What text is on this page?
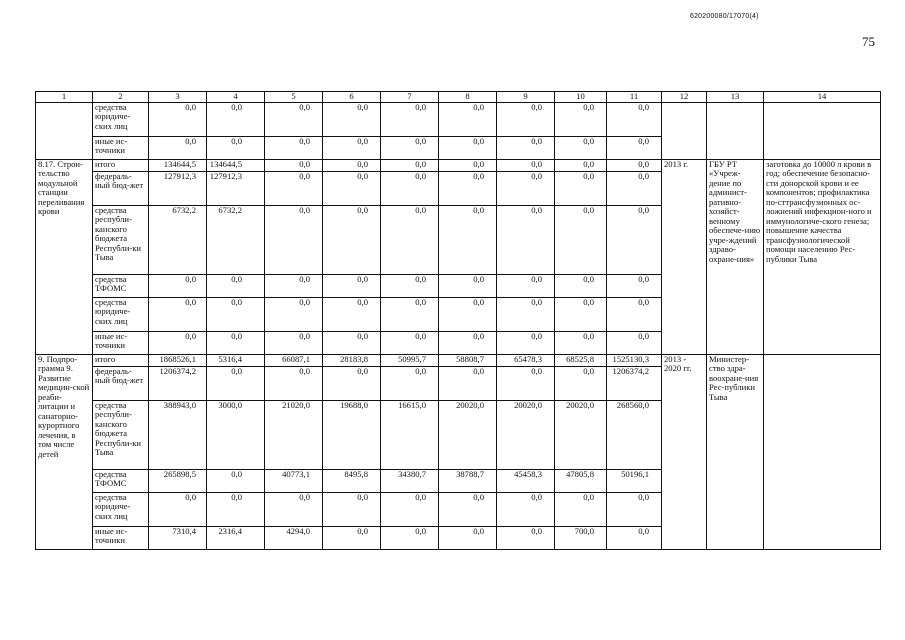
620200080/17070(4)
75
1	2	3	4	5	6	7	8	9	10	11	12	13	14
	средства юридиче-ских лиц	0,0	0,0	0,0	0,0	0,0	0,0	0,0	0,0	0,0			
	иные ис-точники	0,0	0,0	0,0	0,0	0,0	0,0	0,0	0,0	0,0			
8.17. Строи-тельство модульной станции переливания крови	итого	134644,5	134644,5	0,0	0,0	0,0	0,0	0,0	0,0	0,0	2013 г.	ГБУ РТ «Учреж-дение по админист-ративно-хозяйст-венному обеспече-нию учре-ждений здраво-охране-ния»	заготовка до 10000 л крови в год; обеспечение безопасно-сти донорской крови и ее компонентов; профилактика по-сттрансфузионных ос-ложнений инфекцион-ного и иммунологиче-ского генеза; повышение качества трансфузиологической помощи населению Рес-публики Тыва
	федераль-ный бюд-жет	127912,3	127912,3	0,0	0,0	0,0	0,0	0,0	0,0	0,0			
	средства республи-канского бюджета Республи-ки Тыва	6732,2	6732,2	0,0	0,0	0,0	0,0	0,0	0,0	0,0			
	средства ТФОМС	0,0	0,0	0,0	0,0	0,0	0,0	0,0	0,0	0,0			
	средства юридиче-ских лиц	0,0	0,0	0,0	0,0	0,0	0,0	0,0	0,0	0,0			
	иные ис-точники	0,0	0,0	0,0	0,0	0,0	0,0	0,0	0,0	0,0			
9. Подпро-грамма 9. Развитие медицин-ской реаби-литации и санаторно-курортного лечения, в том числе детей	итого	1868526,1	5316,4	66087,1	28183,8	50995,7	58808,7	65478,3	68525,8	1525130,3	2013 - 2020 гг.	Министер-ство здра-воохране-ния Рес-публики Тыва	
	федераль-ный бюд-жет	1206374,2	0,0	0,0	0,0	0,0	0,0	0,0	0,0	1206374,2			
	средства республи-канского бюджета Республи-ки Тыва	388943,0	3000,0	21020,0	19688,0	16615,0	20020,0	20020,0	20020,0	268560,0			
	средства ТФОМС	265898,5	0,0	40773,1	8495,8	34380,7	38788,7	45458,3	47805,8	50196,1			
	средства юридиче-ских лиц	0,0	0,0	0,0	0,0	0,0	0,0	0,0	0,0	0,0			
	иные ис-точники	7310,4	2316,4	4294,0	0,0	0,0	0,0	0,0	700,0	0,0			
